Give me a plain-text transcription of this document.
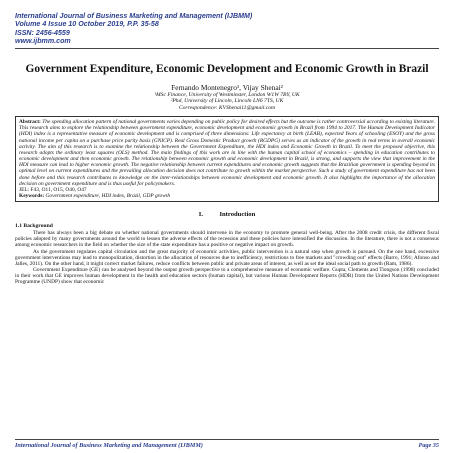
International Journal of Business Marketing and Management (IJBMM)
Volume 4 Issue 10 October 2019, P.P. 35-58
ISSN: 2456-4559
www.ijbmm.com
Government Expenditure, Economic Development and Economic Growth in Brazil
Fernando Montenegro¹, Vijay Shenai²
¹MSc Finance, University of Westminster, London W1W 7BY, UK
²Phd, University of Lincoln, Lincoln LN6 7TS, UK
Correspondence: KVShenai11@gmail.com
Abstract: The spending allocation pattern of national governments varies depending on public policy for desired effects but the outcome is rather controversial according to existing literature. This research aims to explore the relationship between government expenditure, economic development and economic growth in Brazil from 1994 to 2017. The Human Development Indicator (HDI) index is a representative measure of economic development and is comprised of three dimensions: Life expectancy at birth (LEAB), expected Years of schooling (ESOY) and the gross national income per capita on a purchase price parity basis (GNICP). Real Gross Domestic Product growth (RGDPG) serves as an indicator of the growth in real terms in overall economic activity. The aim of this research is to examine the relationship between the Government Expenditure, the HDI index and Economic Growth in Brazil. To meet the proposed objective, this research adopts the ordinary least squares (OLS) method. The main findings of this work are in line with the human capital school of economics – spending in education contributes to economic development and then economic growth. The relationship between economic growth and economic development in Brazil, is strong, and supports the view that improvement in the HDI measure can lead to higher economic growth. The negative relationship between current expenditures and economic growth suggests that the Brazilian government is spending beyond its optimal level on current expenditures and the prevailing allocation decision does not contribute to growth within the market perspective. Such a study of government expenditure has not been done before and this research contributes to knowledge on the inter-relationships between economic development and economic growth. It also highlights the importance of the allocation decision on government expenditure and is thus useful for policymakers.
JEL: F43, O11, O15, O40, O47
Keywords: Government expenditure, HDI index, Brazil, GDP growth
I. Introduction
1.1 Background

There has always been a big debate on whether national governments should intervene in the economy to promote general well-being. After the 2008 credit crisis, the different fiscal policies adopted by many governments around the world to lessen the adverse effects of the recession and these policies have intensified the discussion. In the literature, there is not a consensus among economic researchers in the field on whether the size of the state expenditure has a positive or negative impact on growth.

As the government regulates capital circulation and the great majority of economic activities, public intervention is a natural step when growth is pursued. On the one hand, excessive government interventions may lead to monopolization, distortion in the allocation of resources due to inefficiency, restrictions to free markets and "crowding out" effects (Barro, 1991; Afonso and Jalles, 2011). On the other hand, it might correct market failures, reduce conflicts between public and private areas of interest, as well as set the ideal social path to growth (Ram, 1986).

Government Expenditure (GE) can be analysed beyond the output growth perspective to a comprehensive measure of economic welfare. Gupta, Clements and Tiongson (1998) concluded in their work that GE improves human development in the health and education sectors (human capital), but various Human Development Reports (HDR) from the United Nations Development Programme (UNDP) show that economic

International Journal of Business Marketing and Management (IJBMM)	Page 35
